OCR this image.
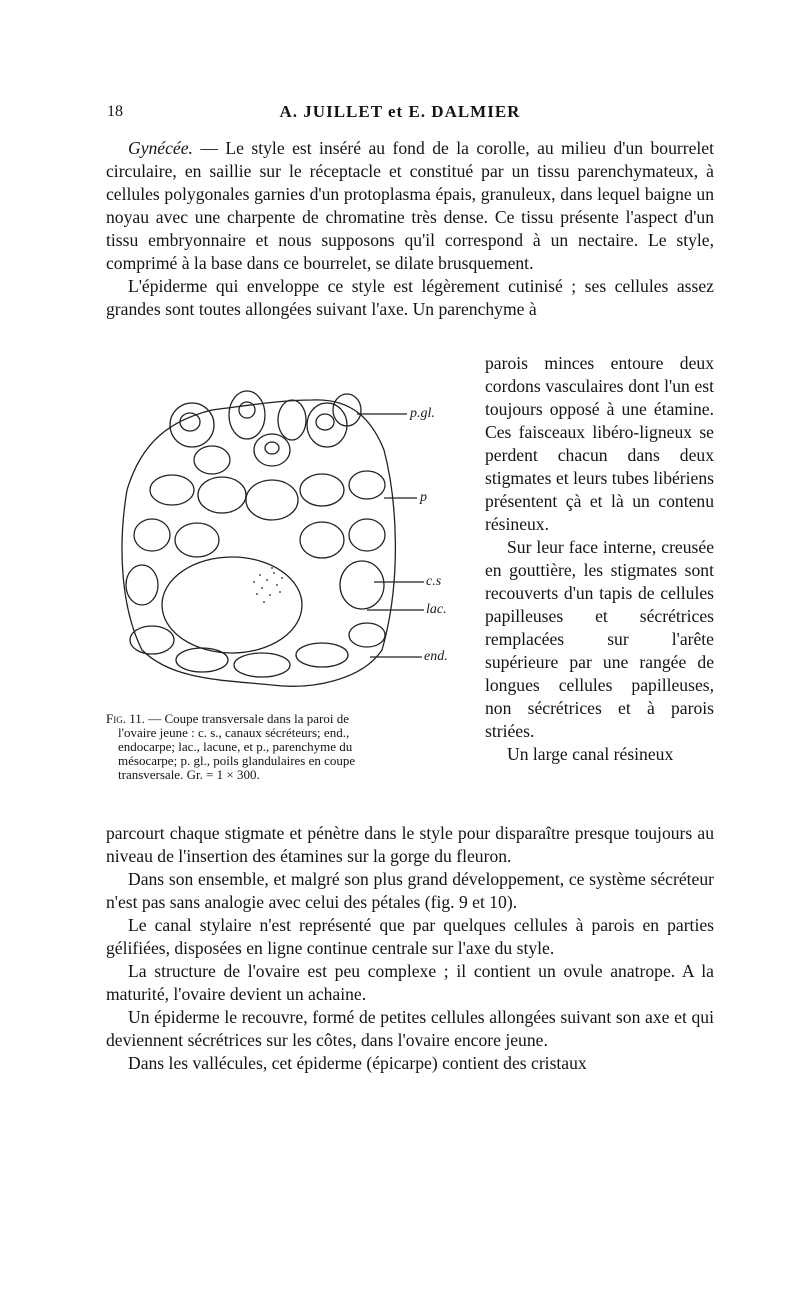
18	A. JUILLET et E. DALMIER

Gynécée. — Le style est inséré au fond de la corolle, au milieu d'un bourrelet circulaire, en saillie sur le réceptacle et constitué par un tissu parenchymateux, à cellules polygonales garnies d'un protoplasma épais, granuleux, dans lequel baigne un noyau avec une charpente de chromatine très dense. Ce tissu présente l'aspect d'un tissu embryonnaire et nous supposons qu'il correspond à un nectaire. Le style, comprimé à la base dans ce bourrelet, se dilate brusquement.

L'épiderme qui enveloppe ce style est légèrement cutinisé ; ses cellules assez grandes sont toutes allongées suivant l'axe. Un parenchyme à

p.gl.
p
c.s
lac.
end.
Fig. 11. — Coupe transversale dans la paroi de
l'ovaire jeune : c. s., canaux sécréteurs; end.,
endocarpe; lac., lacune, et p., parenchyme du
mésocarpe; p. gl., poils glandulaires en coupe
transversale. Gr. = 1 × 300.

parois minces entoure deux cordons vasculaires dont l'un est toujours opposé à une étamine. Ces faisceaux libéro-ligneux se perdent chacun dans deux stigmates et leurs tubes libériens présentent çà et là un contenu résineux.

Sur leur face interne, creusée en gouttière, les stigmates sont recouverts d'un tapis de cellules papilleuses et sécrétrices remplacées sur l'arête supérieure par une rangée de longues cellules papilleuses, non sécrétrices et à parois striées.

Un large canal résineux

parcourt chaque stigmate et pénètre dans le style pour disparaître presque toujours au niveau de l'insertion des étamines sur la gorge du fleuron.

Dans son ensemble, et malgré son plus grand développement, ce système sécréteur n'est pas sans analogie avec celui des pétales (fig. 9 et 10).

Le canal stylaire n'est représenté que par quelques cellules à parois en parties gélifiées, disposées en ligne continue centrale sur l'axe du style.

La structure de l'ovaire est peu complexe ; il contient un ovule anatrope. A la maturité, l'ovaire devient un achaine.

Un épiderme le recouvre, formé de petites cellules allongées suivant son axe et qui deviennent sécrétrices sur les côtes, dans l'ovaire encore jeune.

Dans les vallécules, cet épiderme (épicarpe) contient des cristaux
